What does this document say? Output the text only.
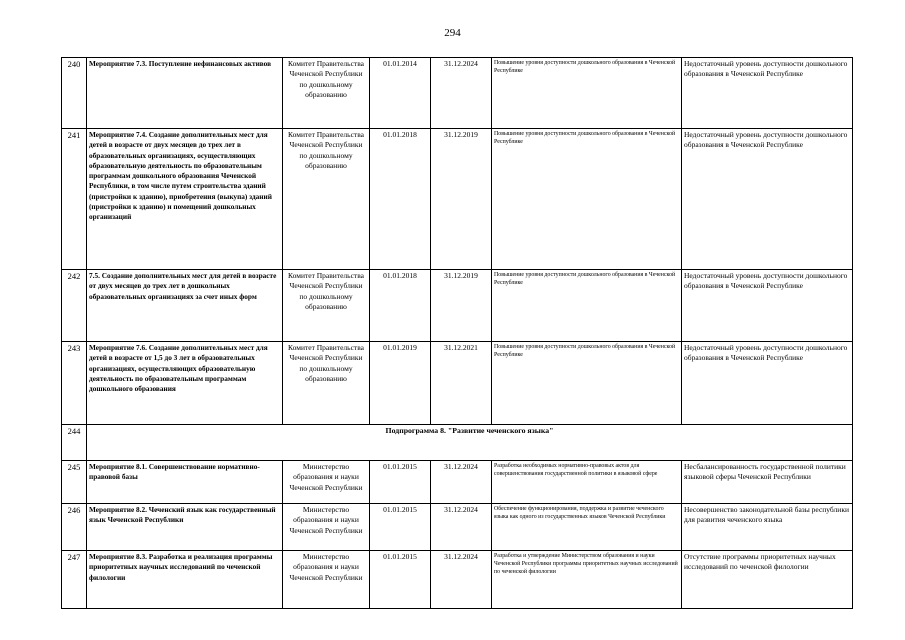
294
240	Мероприятие 7.3. Поступление нефинансовых активов	Комитет Правительства Чеченской Республики по дошкольному образованию	01.01.2014	31.12.2024	Повышение уровня доступности дошкольного образования в Чеченской Республике	Недостаточный уровень доступности дошкольного образования в Чеченской Республике
241	Мероприятие 7.4. Создание дополнительных мест для детей в возрасте от двух месяцев до трех лет в образовательных организациях, осуществляющих образовательную деятельность по образовательным программам дошкольного образования Чеченской Республики, в том числе путем строительства зданий (пристройки к зданию), приобретения (выкупа) зданий (пристройки к зданию) и помещений дошкольных организаций	Комитет Правительства Чеченской Республики по дошкольному образованию	01.01.2018	31.12.2019	Повышение уровня доступности дошкольного образования в Чеченской Республике	Недостаточный уровень доступности дошкольного образования в Чеченской Республике
242	7.5. Создание дополнительных мест для детей в возрасте от двух месяцев до трех лет в дошкольных образовательных организациях за счет иных форм	Комитет Правительства Чеченской Республики по дошкольному образованию	01.01.2018	31.12.2019	Повышение уровня доступности дошкольного образования в Чеченской Республике	Недостаточный уровень доступности дошкольного образования в Чеченской Республике
243	Мероприятие 7.6. Создание дополнительных мест для детей в возрасте от 1,5 до 3 лет в образовательных организациях, осуществляющих образовательную деятельность по образовательным программам дошкольного образования	Комитет Правительства Чеченской Республики по дошкольному образованию	01.01.2019	31.12.2021	Повышение уровня доступности дошкольного образования в Чеченской Республике	Недостаточный уровень доступности дошкольного образования в Чеченской Республике
244	Подпрограмма 8. "Развитие чеченского языка"					
245	Мероприятие 8.1. Совершенствование нормативно-правовой базы	Министерство образования и науки Чеченской Республики	01.01.2015	31.12.2024	Разработка необходимых нормативно-правовых актов для совершенствования государственной политики в языковой сфере	Несбалансированность государственной политики языковой сферы Чеченской Республики
246	Мероприятие 8.2. Чеченский язык как государственный язык Чеченской Республики	Министерство образования и науки Чеченской Республики	01.01.2015	31.12.2024	Обеспечение функционирования, поддержка и развитие чеченского языка как одного из государственных языков Чеченской Республики	Несовершенство законодательной базы республики для развития чеченского языка
247	Мероприятие 8.3. Разработка и реализация программы приоритетных научных исследований по чеченской филологии	Министерство образования и науки Чеченской Республики	01.01.2015	31.12.2024	Разработка и утверждение Министерством образования и науки Чеченской Республики программы приоритетных научных исследований по чеченской филологии	Отсутствие программы приоритетных научных исследований по чеченской филологии
